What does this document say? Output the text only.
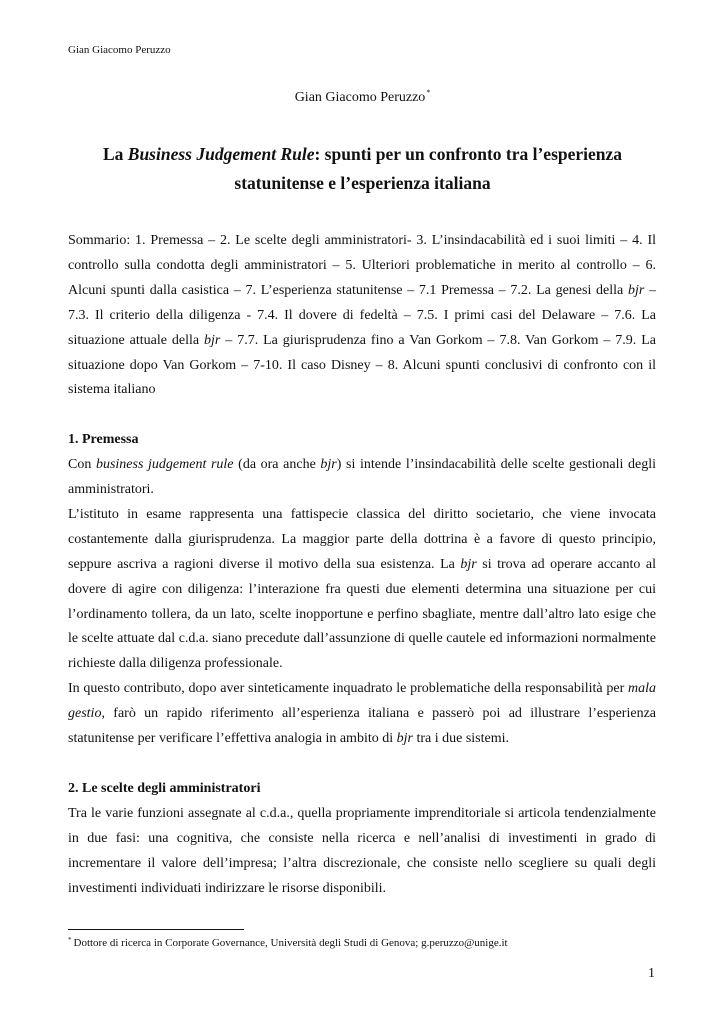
Gian Giacomo Peruzzo
Gian Giacomo Peruzzo*
La Business Judgement Rule: spunti per un confronto tra l’esperienza
statunitense e l’esperienza italiana

Sommario: 1. Premessa – 2. Le scelte degli amministratori- 3. L’insindacabilità ed i suoi limiti – 4. Il controllo sulla condotta degli amministratori – 5. Ulteriori problematiche in merito al controllo – 6. Alcuni spunti dalla casistica – 7. L’esperienza statunitense – 7.1 Premessa – 7.2. La genesi della bjr – 7.3. Il criterio della diligenza - 7.4. Il dovere di fedeltà – 7.5. I primi casi del Delaware – 7.6. La situazione attuale della bjr – 7.7. La giurisprudenza fino a Van Gorkom – 7.8. Van Gorkom – 7.9. La situazione dopo Van Gorkom – 7-10. Il caso Disney – 8. Alcuni spunti conclusivi di confronto con il sistema italiano

1. Premessa

Con business judgement rule (da ora anche bjr) si intende l’insindacabilità delle scelte gestionali degli amministratori.

L’istituto in esame rappresenta una fattispecie classica del diritto societario, che viene invocata costantemente dalla giurisprudenza. La maggior parte della dottrina è a favore di questo principio, seppure ascriva a ragioni diverse il motivo della sua esistenza. La bjr si trova ad operare accanto al dovere di agire con diligenza: l’interazione fra questi due elementi determina una situazione per cui l’ordinamento tollera, da un lato, scelte inopportune e perfino sbagliate, mentre dall’altro lato esige che le scelte attuate dal c.d.a. siano precedute dall’assunzione di quelle cautele ed informazioni normalmente richieste dalla diligenza professionale.

In questo contributo, dopo aver sinteticamente inquadrato le problematiche della responsabilità per mala gestio, farò un rapido riferimento all’esperienza italiana e passerò poi ad illustrare l’esperienza statunitense per verificare l’effettiva analogia in ambito di bjr tra i due sistemi.

2. Le scelte degli amministratori

Tra le varie funzioni assegnate al c.d.a., quella propriamente imprenditoriale si articola tendenzialmente in due fasi: una cognitiva, che consiste nella ricerca e nell’analisi di investimenti in grado di incrementare il valore dell’impresa; l’altra discrezionale, che consiste nello scegliere su quali degli investimenti individuati indirizzare le risorse disponibili.

* Dottore di ricerca in Corporate Governance, Università degli Studi di Genova; g.peruzzo@unige.it
1
